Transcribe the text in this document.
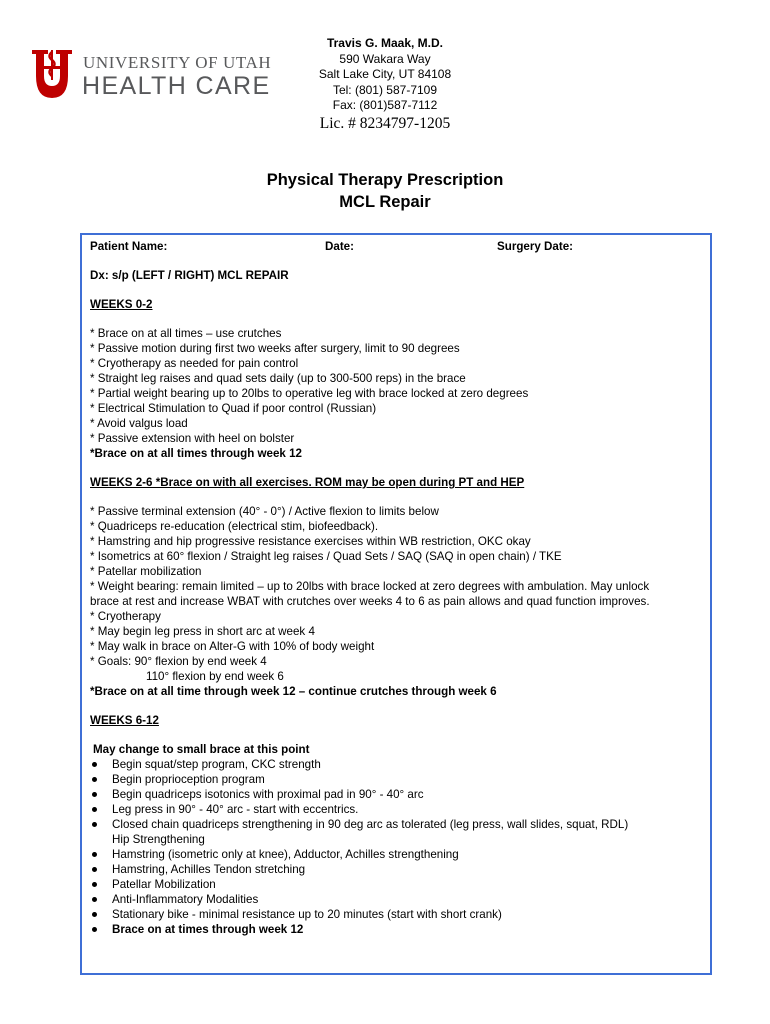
UNIVERSITY OF UTAH
HEALTH CARE
Travis G. Maak, M.D.
590 Wakara Way
Salt Lake City, UT 84108
Tel: (801) 587-7109
Fax: (801)587-7112
Lic. # 8234797-1205
Physical Therapy Prescription
MCL Repair
Patient Name:	Date:	Surgery Date:
Dx: s/p (LEFT / RIGHT) MCL REPAIR
WEEKS 0-2
* Brace on at all times – use crutches
* Passive motion during first two weeks after surgery, limit to 90 degrees
* Cryotherapy as needed for pain control
* Straight leg raises and quad sets daily (up to 300-500 reps) in the brace
* Partial weight bearing up to 20lbs to operative leg with brace locked at zero degrees
* Electrical Stimulation to Quad if poor control (Russian)
* Avoid valgus load
* Passive extension with heel on bolster
*Brace on at all times through week 12
WEEKS 2-6 *Brace on with all exercises. ROM may be open during PT and HEP
* Passive terminal extension (40° - 0°) / Active flexion to limits below
* Quadriceps re-education (electrical stim, biofeedback).
* Hamstring and hip progressive resistance exercises within WB restriction, OKC okay
* Isometrics at 60° flexion / Straight leg raises / Quad Sets / SAQ (SAQ in open chain) / TKE
* Patellar mobilization
* Weight bearing: remain limited – up to 20lbs with brace locked at zero degrees with ambulation. May unlock
brace at rest and increase WBAT with crutches over weeks 4 to 6 as pain allows and quad function improves.
* Cryotherapy
* May begin leg press in short arc at week 4
* May walk in brace on Alter-G with 10% of body weight
* Goals: 90° flexion by end week 4
110° flexion by end week 6
*Brace on at all time through week 12 – continue crutches through week 6
WEEKS 6-12
May change to small brace at this point
Begin squat/step program, CKC strength
Begin proprioception program
Begin quadriceps isotonics with proximal pad in 90° - 40° arc
Leg press in 90° - 40° arc - start with eccentrics.
Closed chain quadriceps strengthening in 90 deg arc as tolerated (leg press, wall slides, squat, RDL)
Hip Strengthening
Hamstring (isometric only at knee), Adductor, Achilles strengthening
Hamstring, Achilles Tendon stretching
Patellar Mobilization
Anti-Inflammatory Modalities
Stationary bike - minimal resistance up to 20 minutes (start with short crank)
Brace on at times through week 12
